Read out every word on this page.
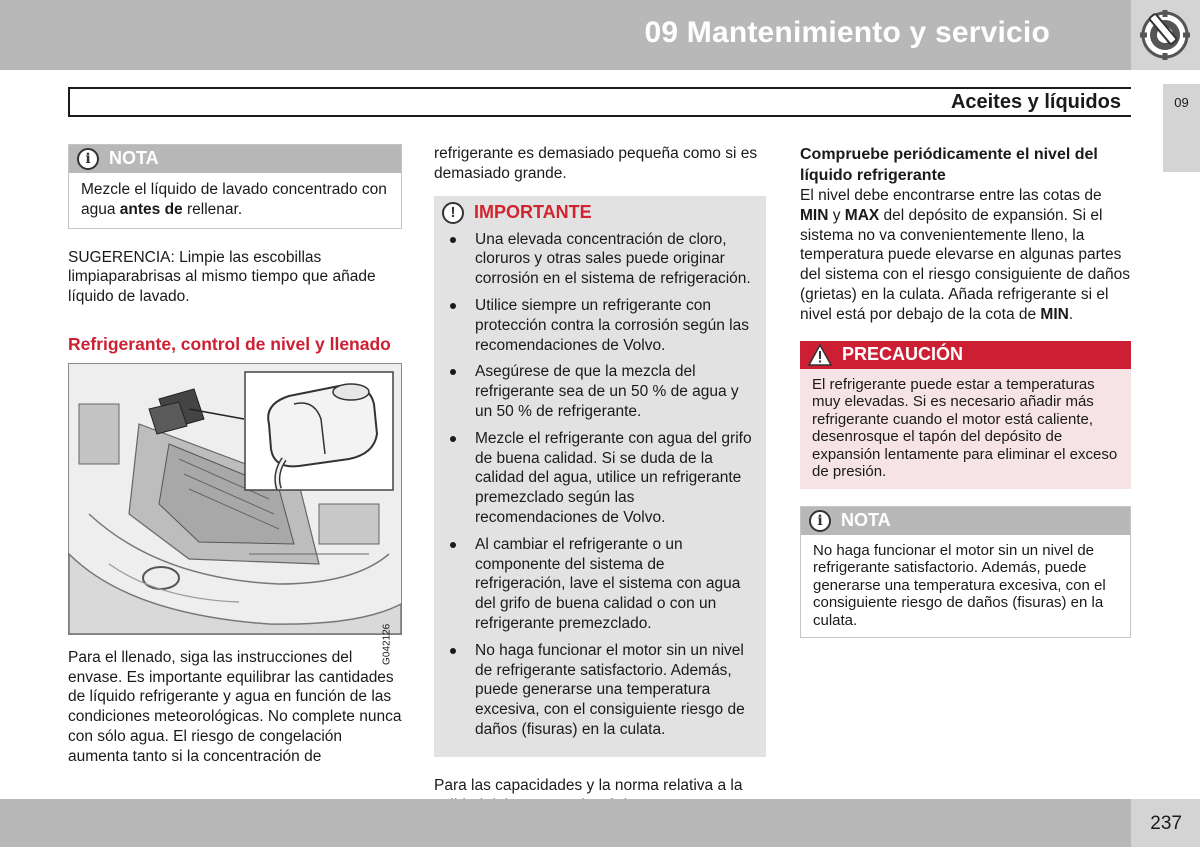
09 Mantenimiento y servicio
09
Aceites y líquidos
i	NOTA
Mezcle el líquido de lavado concentrado con agua antes de rellenar.

SUGERENCIA: Limpie las escobillas limpiaparabrisas al mismo tiempo que añade líquido de lavado.

Refrigerante, control de nivel y llenado
G042126

Para el llenado, siga las instrucciones del envase. Es importante equilibrar las cantidades de líquido refrigerante y agua en función de las condiciones meteorológicas. No complete nunca con sólo agua. El riesgo de congelación aumenta tanto si la concentración de

refrigerante es demasiado pequeña como si es demasiado grande.

!	IMPORTANTE
Una elevada concentración de cloro, cloruros y otras sales puede originar corrosión en el sistema de refrigeración.
Utilice siempre un refrigerante con protección contra la corrosión según las recomendaciones de Volvo.
Asegúrese de que la mezcla del refrigerante sea de un 50 % de agua y un 50 % de refrigerante.
Mezcle el refrigerante con agua del grifo de buena calidad. Si se duda de la calidad del agua, utilice un refrigerante premezclado según las recomendaciones de Volvo.
Al cambiar el refrigerante o un componente del sistema de refrigeración, lave el sistema con agua del grifo de buena calidad o con un refrigerante premezclado.
No haga funcionar el motor sin un nivel de refrigerante satisfactorio. Además, puede generarse una temperatura excesiva, con el consiguiente riesgo de daños (fisuras) en la culata.

Para las capacidades y la norma relativa a la

Compruebe periódicamente el nivel del líquido refrigerante

El nivel debe encontrarse entre las cotas de MIN y MAX del depósito de expansión. Si el sistema no va convenientemente lleno, la temperatura puede elevarse en algunas partes del sistema con el riesgo consiguiente de daños (grietas) en la culata. Añada refrigerante si el nivel está por debajo de la cota de MIN.

PRECAUCIÓN
El refrigerante puede estar a temperaturas muy elevadas. Si es necesario añadir más refrigerante cuando el motor está caliente, desenrosque el tapón del depósito de expansión lentamente para eliminar el exceso de presión.
i	NOTA
No haga funcionar el motor sin un nivel de refrigerante satisfactorio. Además, puede generarse una temperatura excesiva, con el consiguiente riesgo de daños (fisuras) en la culata.
237
